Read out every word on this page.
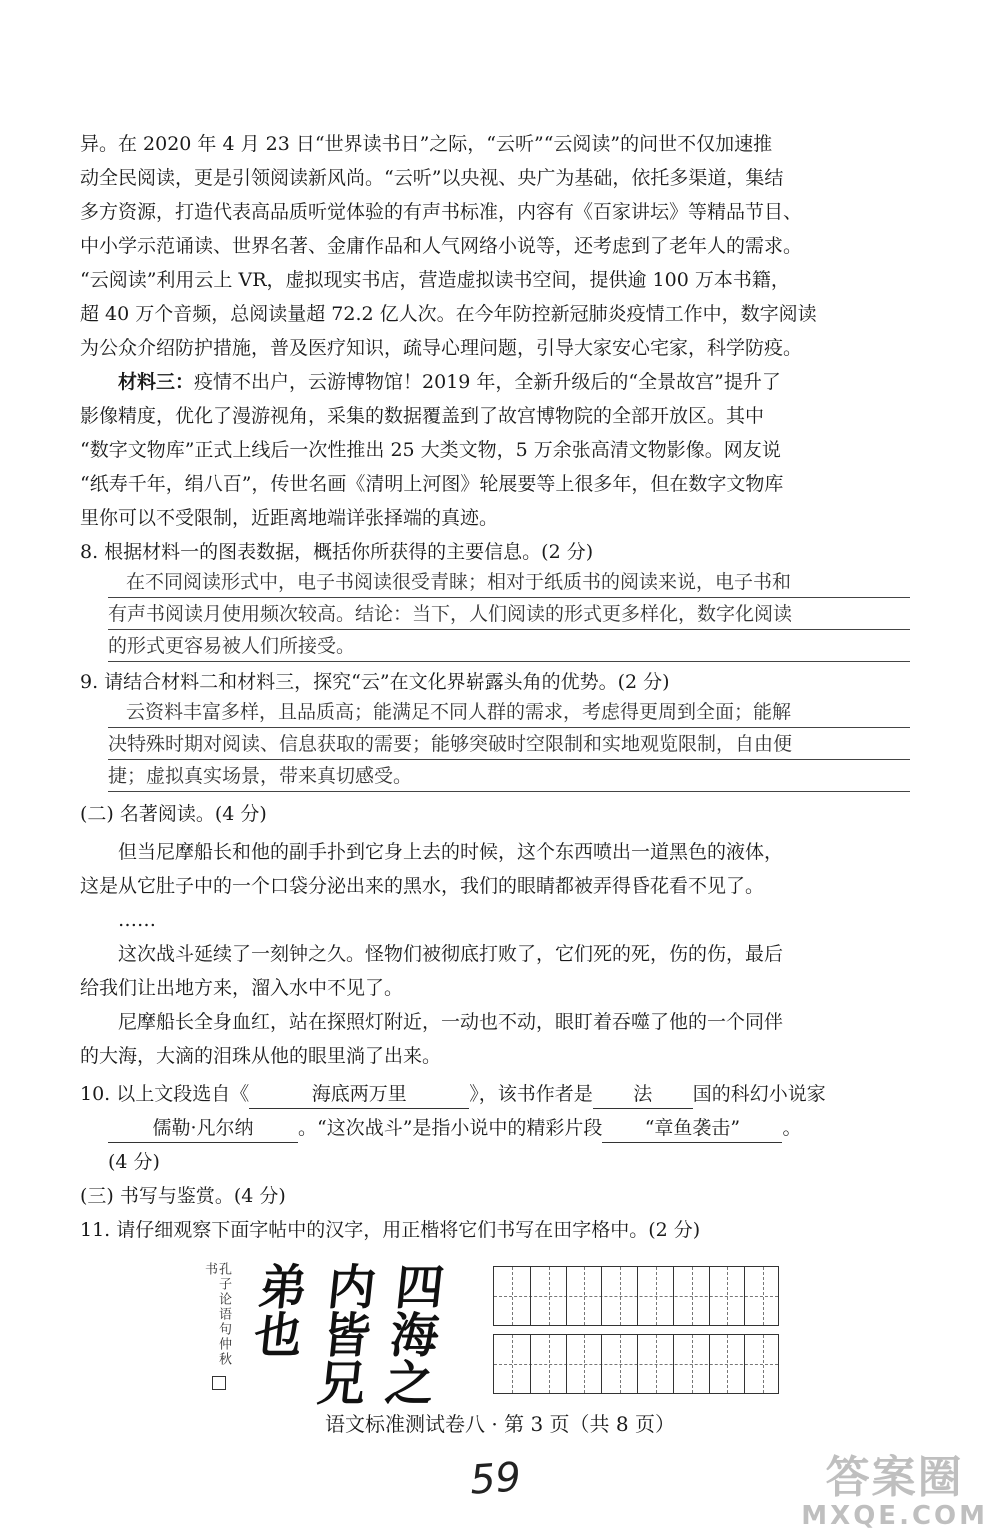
异。在 2020 年 4 月 23 日“世界读书日”之际，“云听”“云阅读”的问世不仅加速推
动全民阅读，更是引领阅读新风尚。“云听”以央视、央广为基础，依托多渠道，集结
多方资源，打造代表高品质听觉体验的有声书标准，内容有《百家讲坛》等精品节目、
中小学示范诵读、世界名著、金庸作品和人气网络小说等，还考虑到了老年人的需求。
“云阅读”利用云上 VR，虚拟现实书店，营造虚拟读书空间，提供逾 100 万本书籍，
超 40 万个音频，总阅读量超 72.2 亿人次。在今年防控新冠肺炎疫情工作中，数字阅读
为公众介绍防护措施，普及医疗知识，疏导心理问题，引导大家安心宅家，科学防疫。
材料三：疫情不出户，云游博物馆！2019 年，全新升级后的“全景故宫”提升了
影像精度，优化了漫游视角，采集的数据覆盖到了故宫博物院的全部开放区。其中
“数字文物库”正式上线后一次性推出 25 大类文物，5 万余张高清文物影像。网友说
“纸寿千年，绢八百”，传世名画《清明上河图》轮展要等上很多年，但在数字文物库
里你可以不受限制，近距离地端详张择端的真迹。
8. 根据材料一的图表数据，概括你所获得的主要信息。(2 分)
在不同阅读形式中，电子书阅读很受青睐；相对于纸质书的阅读来说，电子书和
有声书阅读月使用频次较高。结论：当下，人们阅读的形式更多样化，数字化阅读
的形式更容易被人们所接受。
9. 请结合材料二和材料三，探究“云”在文化界崭露头角的优势。(2 分)
云资料丰富多样，且品质高；能满足不同人群的需求，考虑得更周到全面；能解
决特殊时期对阅读、信息获取的需要；能够突破时空限制和实地观览限制，自由便
捷；虚拟真实场景，带来真切感受。
(二) 名著阅读。(4 分)
但当尼摩船长和他的副手扑到它身上去的时候，这个东西喷出一道黑色的液体，
这是从它肚子中的一个口袋分泌出来的黑水，我们的眼睛都被弄得昏花看不见了。
……
这次战斗延续了一刻钟之久。怪物们被彻底打败了，它们死的死，伤的伤，最后
给我们让出地方来，溜入水中不见了。
尼摩船长全身血红，站在探照灯附近，一动也不动，眼盯着吞噬了他的一个同伴
的大海，大滴的泪珠从他的眼里淌了出来。
10. 以上文段选自《	海底两万里	》，该书作者是 法 国的科幻小说家
儒勒·凡尔纳 。“这次战斗”是指小说中的精彩片段 “章鱼袭击” 。
(4 分)
(三) 书写与鉴赏。(4 分)
11. 请仔细观察下面字帖中的汉字，用正楷将它们书写在田字格中。(2 分)
孔子论语句仲秋书 弟也
内皆兄
四海之
语文标准测试卷八 · 第 3 页（共 8 页）
59	答案圈
MXQE.COM
